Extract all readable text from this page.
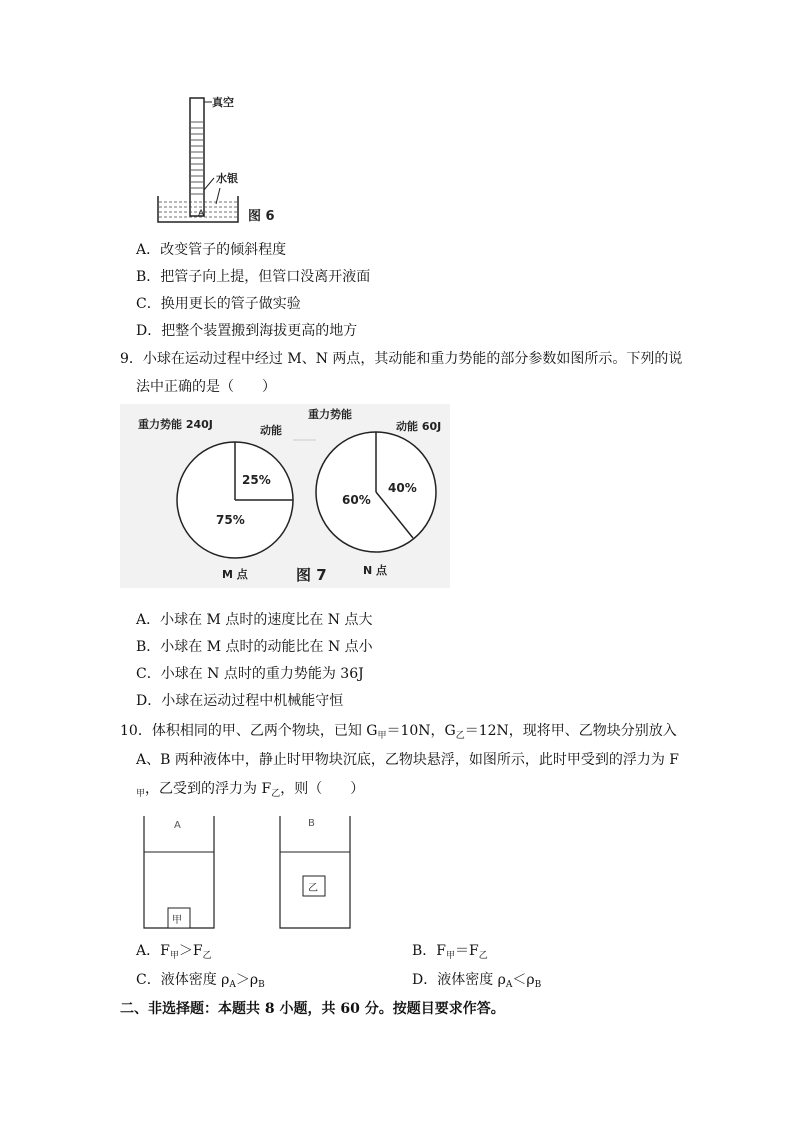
真空
水银
A	图 6
A．改变管子的倾斜程度
B．把管子向上提，但管口没离开液面
C．换用更长的管子做实验
D．把整个装置搬到海拔更高的地方
9．小球在运动过程中经过 M、N 两点，其动能和重力势能的部分参数如图所示。下列的说
法中正确的是（　　）
重力势能 240J	动能
25%
75%
M 点
重力势能
动能 60J
60%
40%
N 点
图 7
A．小球在 M 点时的速度比在 N 点大
B．小球在 M 点时的动能比在 N 点小
C．小球在 N 点时的重力势能为 36J
D．小球在运动过程中机械能守恒
10．体积相同的甲、乙两个物块，已知 $G_甲=10N$，$G_乙=12N$，现将甲、乙物块分别放入
A、B 两种液体中，静止时甲物块沉底，乙物块悬浮，如图所示，此时甲受到的浮力为 F
$_甲$，乙受到的浮力为 $F_乙$，则（　　）
A
甲
B
乙
A．$F_甲>F_乙$	B．$F_甲=F_乙$
C．液体密度 $\rho_A>\rho_B$	D．液体密度 $\rho_A<\rho_B$
二、非选择题：本题共 8 小题，共 60 分。按题目要求作答。
